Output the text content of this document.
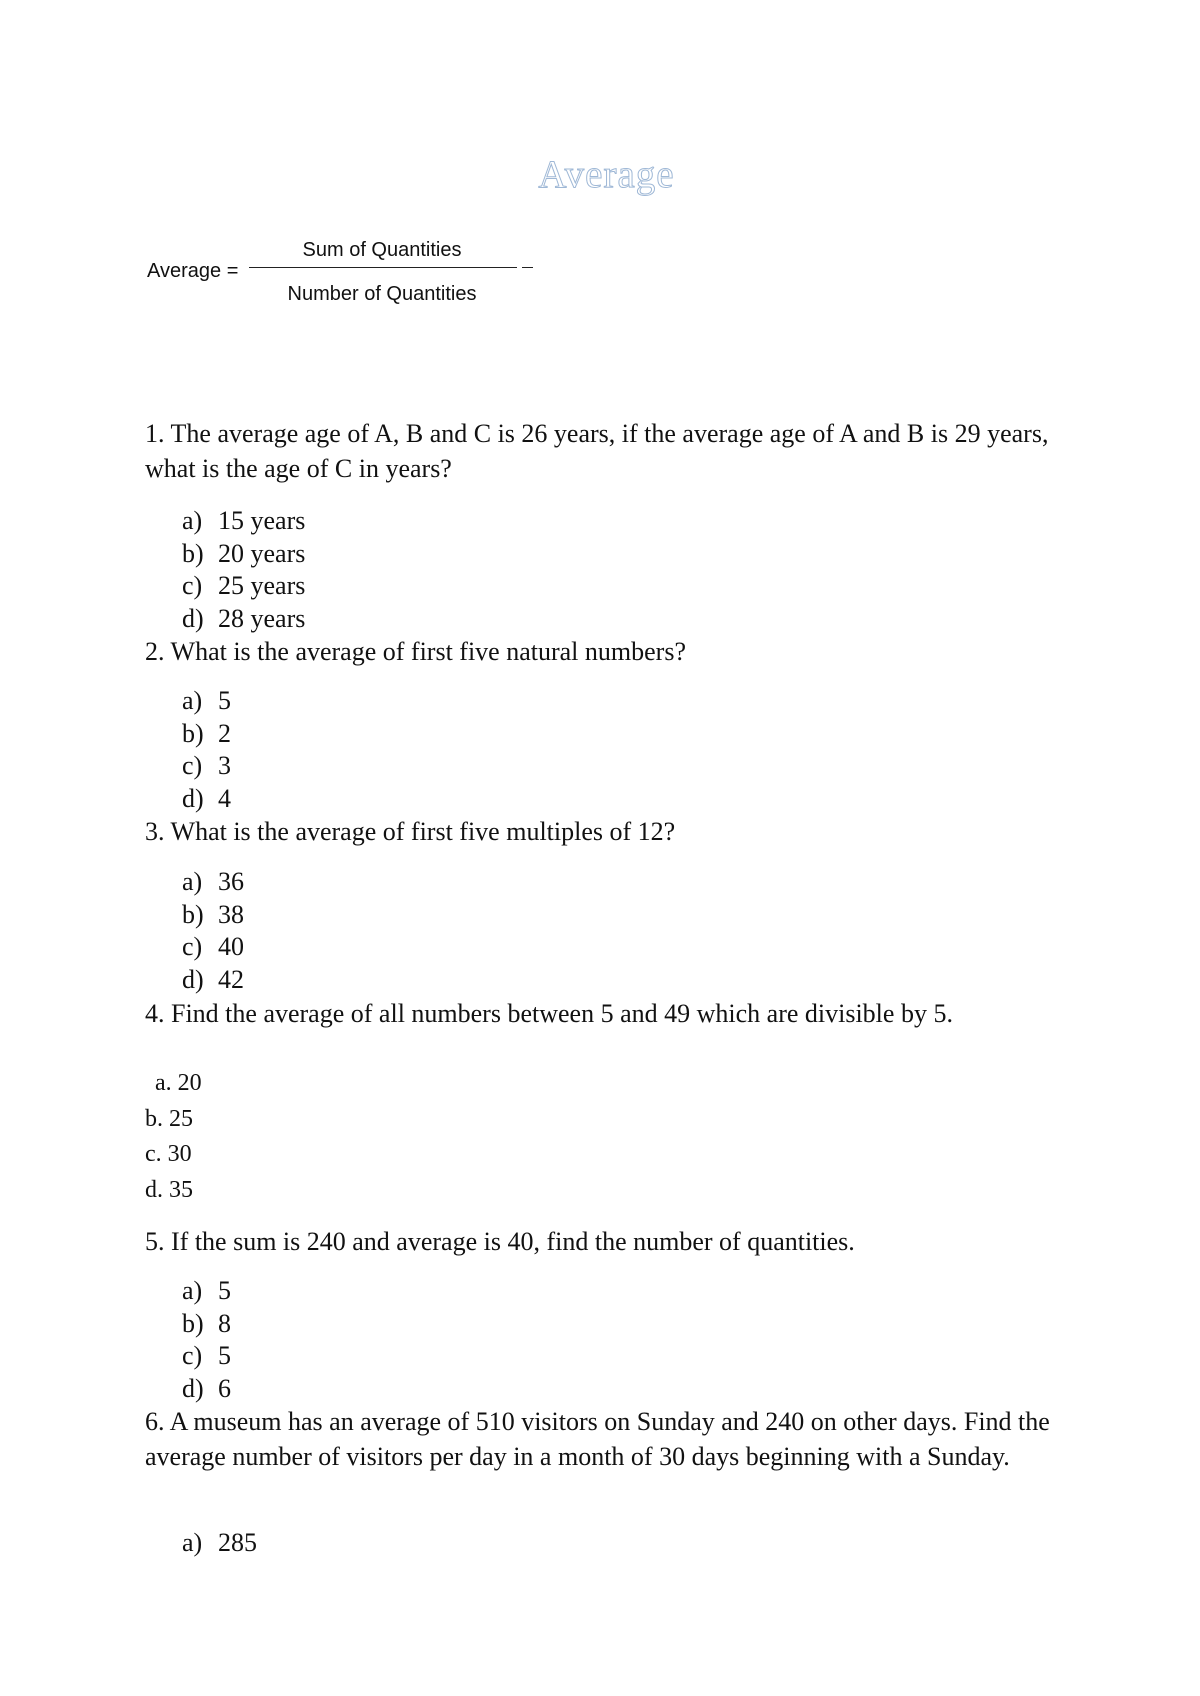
Average
Average =
Sum of Quantities
Number of Quantities
1. The average age of A, B and C is 26 years, if the average age of A and B is 29 years, what is the age of C in years?
a) 15 years
b) 20 years
c) 25 years
d) 28 years
2. What is the average of first five natural numbers?
a) 5
b) 2
c) 3
d) 4
3. What is the average of first five multiples of 12?
a) 36
b) 38
c) 40
d) 42
4. Find the average of all numbers between 5 and 49 which are divisible by 5.
a. 20
b. 25
c. 30
d. 35
5. If the sum is 240 and average is 40, find the number of quantities.
a) 5
b) 8
c) 5
d) 6
6. A museum has an average of 510 visitors on Sunday and 240 on other days. Find the average number of visitors per day in a month of 30 days beginning with a Sunday.
a) 285
